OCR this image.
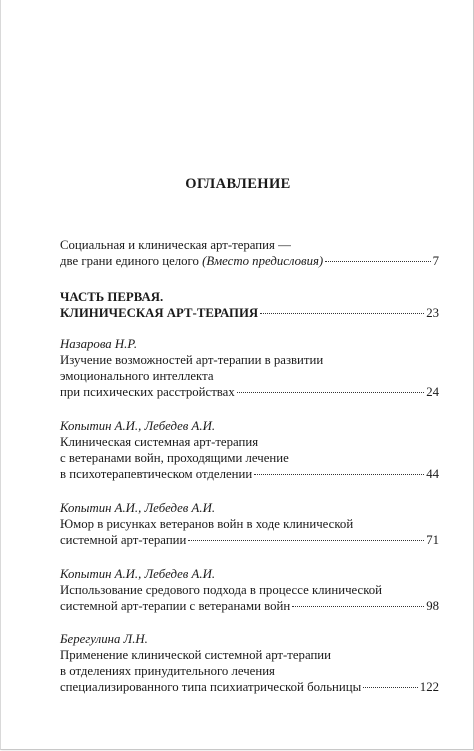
ОГЛАВЛЕНИЕ
Социальная и клиническая арт-терапия —
две грани единого целого (Вместо предисловия)	7
ЧАСТЬ ПЕРВАЯ.
КЛИНИЧЕСКАЯ АРТ-ТЕРАПИЯ	23
Назарова Н.Р.
Изучение возможностей арт-терапии в развитии
эмоционального интеллекта
при психических расстройствах	24
Копытин А.И., Лебедев А.И.
Клиническая системная арт-терапия
с ветеранами войн, проходящими лечение
в психотерапевтическом отделении	44
Копытин А.И., Лебедев А.И.
Юмор в рисунках ветеранов войн в ходе клинической
системной арт-терапии	71
Копытин А.И., Лебедев А.И.
Использование средового подхода в процессе клинической
системной арт-терапии с ветеранами войн	98
Берегулина Л.Н.
Применение клинической системной арт-терапии
в отделениях принудительного лечения
специализированного типа психиатрической больницы	122
